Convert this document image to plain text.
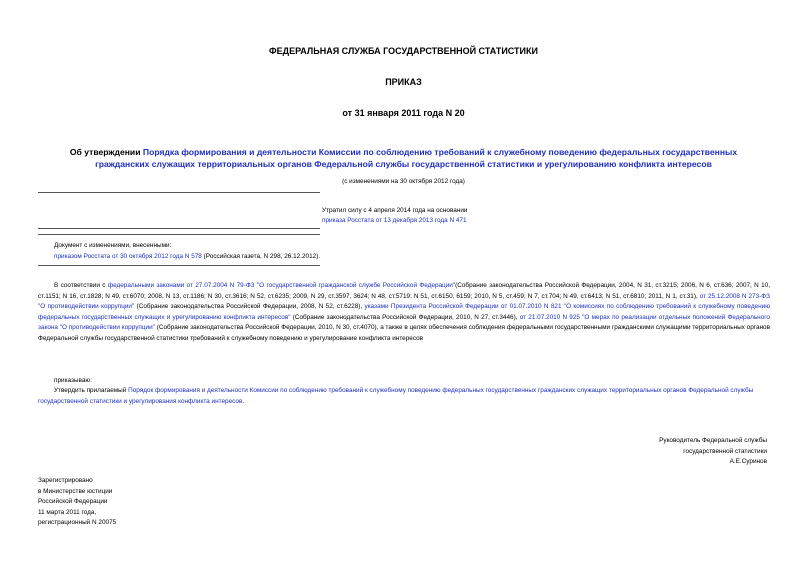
ФЕДЕРАЛЬНАЯ СЛУЖБА ГОСУДАРСТВЕННОЙ СТАТИСТИКИ
ПРИКАЗ
от 31 января 2011 года N 20
Об утверждении Порядка формирования и деятельности Комиссии по соблюдению требований к служебному поведению федеральных государственных гражданских служащих территориальных органов Федеральной службы государственной статистики и урегулированию конфликта интересов
(с изменениями на 30 октября 2012 года)
Утратил силу с 4 апреля 2014 года на основании
приказа Росстата от 13 декабря 2013 года N 471
Документ с изменениями, внесенными:
приказом Росстата от 30 октября 2012 года N 578 (Российская газета, N 298, 26.12.2012).
В соответствии с федеральными законами от 27.07.2004 N 79-ФЗ "О государственной гражданской службе Российской Федерации"(Собрание законодательства Российской Федерации, 2004, N 31, ст.3215; 2006, N 6, ст.636; 2007, N 10, ст.1151; N 16, ст.1828; N 49, ст.6070; 2008, N 13, ст.1186; N 30, ст.3616; N 52, ст.6235; 2009, N 29, ст.3597, 3624; N 48, ст.5719; N 51, ст.6150, 6159; 2010, N 5, ст.459; N 7, ст.704; N 49, ст.6413; N 51, ст.6810; 2011, N 1, ст.31), от 25.12.2008 N 273-ФЗ "О противодействии коррупции" (Собрание законодательства Российской Федерации, 2008, N 52, ст.6228), указами Президента Российской Федерации от 01.07.2010 N 821 "О комиссиях по соблюдению требований к служебному поведению федеральных государственных служащих и урегулированию конфликта интересов" (Собрание законодательства Российской Федерации, 2010, N 27, ст.3446), от 21.07.2010 N 925 "О мерах по реализации отдельных положений Федерального закона "О противодействии коррупции" (Собрание законодательства Российской Федерации, 2010, N 30, ст.4070), а также в целях обеспечения соблюдения федеральными государственными гражданскими служащими территориальных органов Федеральной службы государственной статистики требований к служебному поведению и урегулирование конфликта интересов
приказываю:
Утвердить прилагаемый Порядок формирования и деятельности Комиссии по соблюдению требований к служебному поведению федеральных государственных гражданских служащих территориальных органов Федеральной службы государственной статистики и урегулирования конфликта интересов.
Руководитель Федеральной службы
государственной статистики
А.Е.Суринов
Зарегистрировано
в Министерстве юстиции
Российской Федерации
11 марта 2011 года,
регистрационный N 20075
